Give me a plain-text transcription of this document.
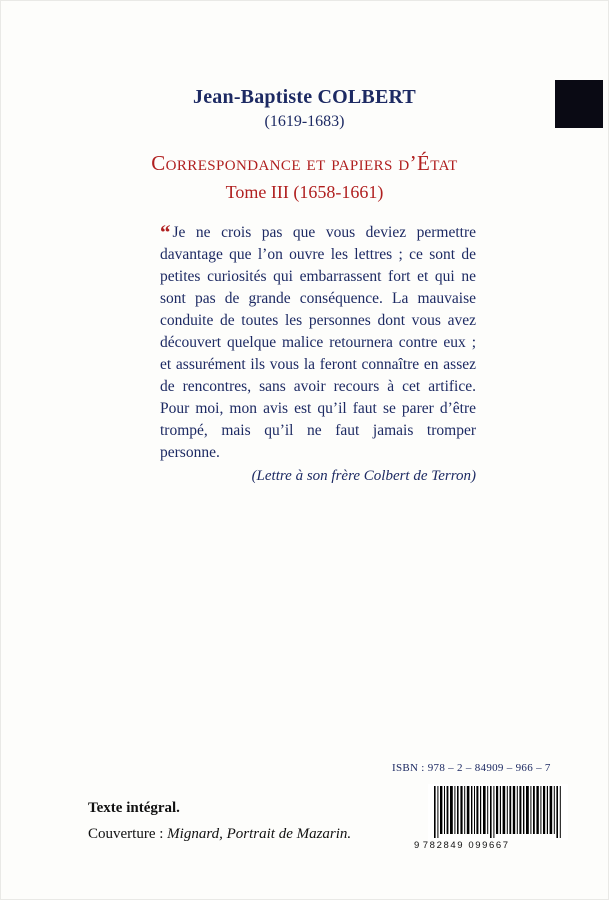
Jean-Baptiste COLBERT
(1619-1683)
Correspondance et papiers d’État
Tome III (1658-1661)

“ Je ne crois pas que vous deviez permettre davantage que l’on ouvre les lettres ; ce sont de petites curiosités qui embarrassent fort et qui ne sont pas de grande conséquence. La mauvaise conduite de toutes les personnes dont vous avez découvert quelque malice retournera contre eux ; et assurément ils vous la feront connaître en assez de rencontres, sans avoir recours à cet artifice. Pour moi, mon avis est qu’il faut se parer d’être trompé, mais qu’il ne faut jamais tromper personne.

(Lettre à son frère Colbert de Terron)
ISBN : 978 – 2 – 84909 – 966 – 7
9 782849 099667
Texte intégral.
Couverture : Mignard, Portrait de Mazarin.
